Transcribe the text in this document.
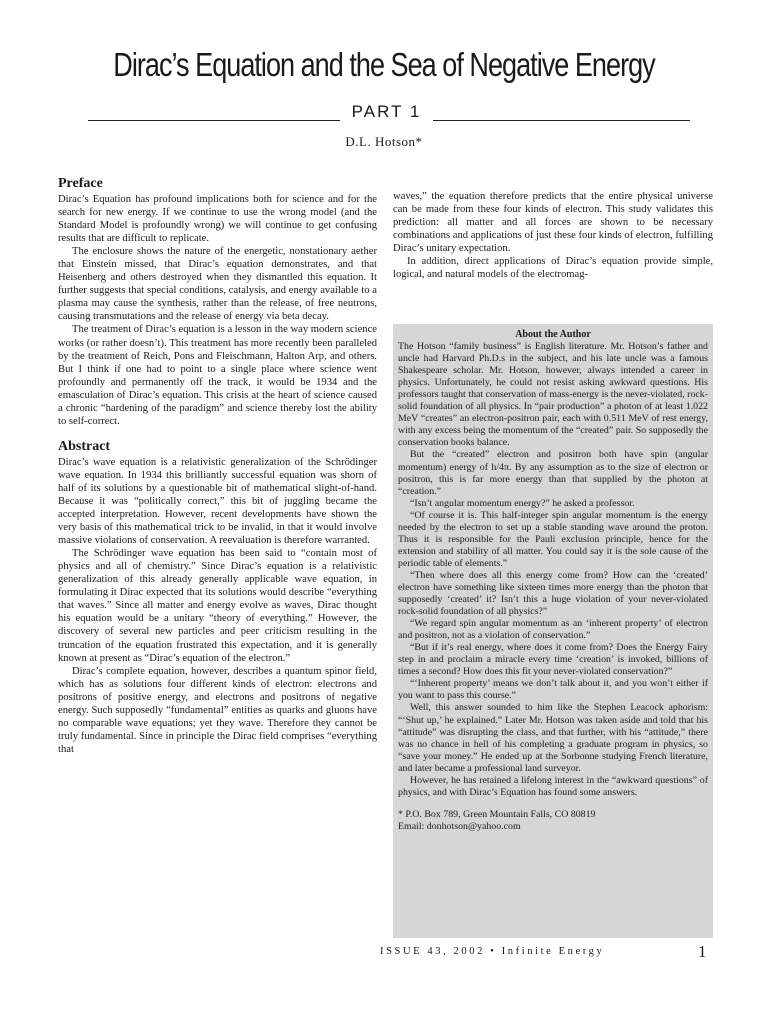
Dirac’s Equation and the Sea of Negative Energy
PART 1
D.L. Hotson*
Preface

Dirac’s Equation has profound implications both for science and for the search for new energy. If we continue to use the wrong model (and the Standard Model is profoundly wrong) we will continue to get confusing results that are difficult to replicate.

The enclosure shows the nature of the energetic, nonstationary aether that Einstein missed, that Dirac’s equation demonstrates, and that Heisenberg and others destroyed when they dismantled this equation. It further suggests that special conditions, catalysis, and energy available to a plasma may cause the synthesis, rather than the release, of free neutrons, causing transmutations and the release of energy via beta decay.

The treatment of Dirac’s equation is a lesson in the way modern science works (or rather doesn’t). This treatment has more recently been paralleled by the treatment of Reich, Pons and Fleischmann, Halton Arp, and others. But I think if one had to point to a single place where science went profoundly and permanently off the track, it would be 1934 and the emasculation of Dirac’s equation. This crisis at the heart of science caused a chronic “hardening of the paradigm” and science thereby lost the ability to self-correct.

Abstract

Dirac’s wave equation is a relativistic generalization of the Schrödinger wave equation. In 1934 this brilliantly successful equation was shorn of half of its solutions by a questionable bit of mathematical slight-of-hand. Because it was “politically correct,” this bit of juggling became the accepted interpretation. However, recent developments have shown the very basis of this mathematical trick to be invalid, in that it would involve massive violations of conservation. A reevaluation is therefore warranted.

The Schrödinger wave equation has been said to “contain most of physics and all of chemistry.” Since Dirac’s equation is a relativistic generalization of this already generally applicable wave equation, in formulating it Dirac expected that its solutions would describe “everything that waves.” Since all matter and energy evolve as waves, Dirac thought his equation would be a unitary “theory of everything.” However, the discovery of several new particles and peer criticism resulting in the truncation of the equation frustrated this expectation, and it is generally known at present as “Dirac’s equation of the electron.”

Dirac’s complete equation, however, describes a quantum spinor field, which has as solutions four different kinds of electron: electrons and positrons of positive energy, and electrons and positrons of negative energy. Such supposedly “fundamental” entities as quarks and gluons have no comparable wave equations; yet they wave. Therefore they cannot be truly fundamental. Since in principle the Dirac field comprises “everything that

waves,” the equation therefore predicts that the entire physical universe can be made from these four kinds of electron. This study validates this prediction: all matter and all forces are shown to be necessary combinations and applications of just these four kinds of electron, fulfilling Dirac’s unitary expectation.

In addition, direct applications of Dirac’s equation provide simple, logical, and natural models of the electromag-

About the Author

The Hotson “family business” is English literature. Mr. Hotson’s father and uncle had Harvard Ph.D.s in the subject, and his late uncle was a famous Shakespeare scholar. Mr. Hotson, however, always intended a career in physics. Unfortunately, he could not resist asking awkward questions. His professors taught that conservation of mass-energy is the never-violated, rock-solid foundation of all physics. In “pair production” a photon of at least 1.022 MeV “creates” an electron-positron pair, each with 0.511 MeV of rest energy, with any excess being the momentum of the “created” pair. So supposedly the conservation books balance.

But the “created” electron and positron both have spin (angular momentum) energy of h/4π. By any assumption as to the size of electron or positron, this is far more energy than that supplied by the photon at “creation.”

“Isn’t angular momentum energy?” he asked a professor.

“Of course it is. This half-integer spin angular momentum is the energy needed by the electron to set up a stable standing wave around the proton. Thus it is responsible for the Pauli exclusion principle, hence for the extension and stability of all matter. You could say it is the sole cause of the periodic table of elements.”

“Then where does all this energy come from? How can the ‘created’ electron have something like sixteen times more energy than the photon that supposedly ‘created’ it? Isn’t this a huge violation of your never-violated rock-solid foundation of all physics?”

“We regard spin angular momentum as an ‘inherent property’ of electron and positron, not as a violation of conservation.”

“But if it’s real energy, where does it come from? Does the Energy Fairy step in and proclaim a miracle every time ‘creation’ is invoked, billions of times a second? How does this fit your never-violated conservation?”

“‘Inherent property’ means we don’t talk about it, and you won’t either if you want to pass this course.”

Well, this answer sounded to him like the Stephen Leacock aphorism: “‘Shut up,’ he explained.” Later Mr. Hotson was taken aside and told that his “attitude” was disrupting the class, and that further, with his “attitude,” there was no chance in hell of his completing a graduate program in physics, so “save your money.” He ended up at the Sorbonne studying French literature, and later became a professional land surveyor.

However, he has retained a lifelong interest in the “awkward questions” of physics, and with Dirac’s Equation has found some answers.

* P.O. Box 789, Green Mountain Falls, CO 80819
Email: donhotson@yahoo.com
ISSUE 43, 2002 • Infinite Energy	1
